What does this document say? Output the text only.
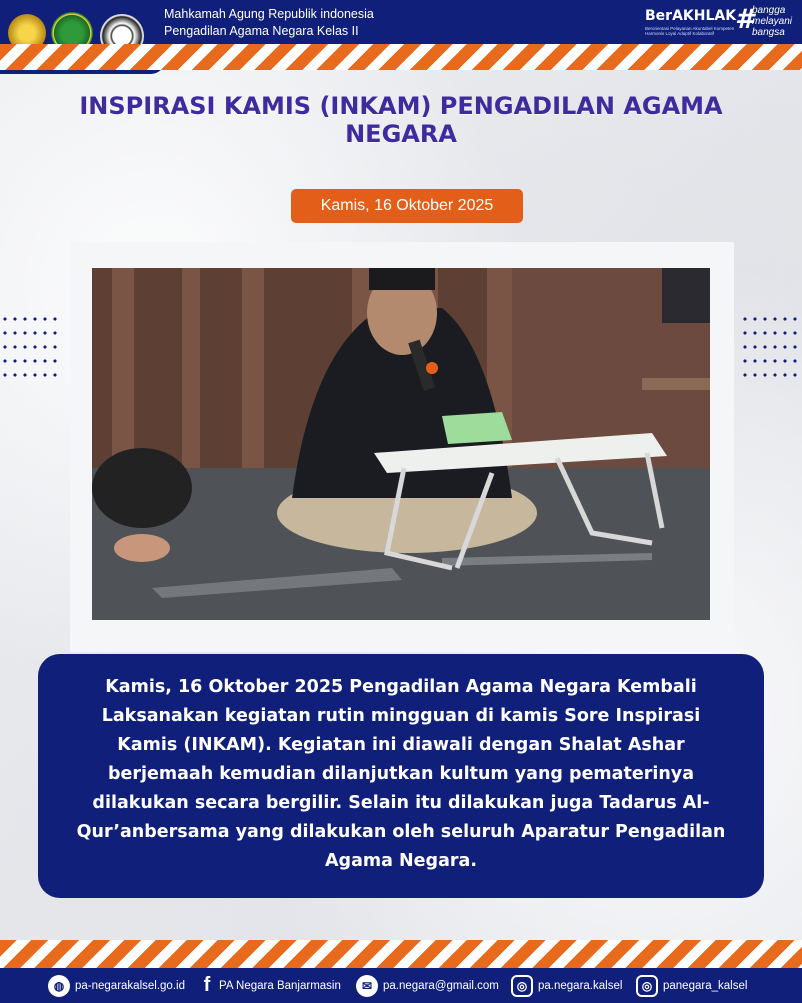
Mahkamah Agung Republik indonesia
Pengadilan Agama Negara Kelas II
BerAKHLAK
Berorientasi Pelayanan Akuntabel Kompeten Harmonis Loyal Adaptif Kolaboratif #
bangga
melayani
bangsa
INSPIRASI KAMIS (INKAM) PENGADILAN AGAMA NEGARA
Kamis, 16 Oktober 2025
Kamis, 16 Oktober 2025 Pengadilan Agama Negara Kembali Laksanakan kegiatan rutin mingguan di kamis Sore Inspirasi Kamis (INKAM). Kegiatan ini diawali dengan Shalat Ashar berjemaah kemudian dilanjutkan kultum yang pematerinya dilakukan secara bergilir. Selain itu dilakukan juga Tadarus Al-Qur’anbersama yang dilakukan oleh seluruh Aparatur Pengadilan Agama Negara.
◍ pa-negarakalsel.go.id f PA Negara Banjarmasin	✉ pa.negara@gmail.com	◎ pa.negara.kalsel	◎ panegara_kalsel
